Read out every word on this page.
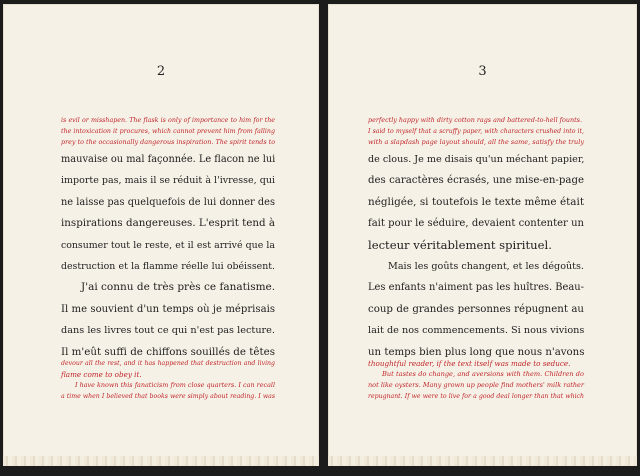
2
is evil or misshapen. The flask is only of importance to him for the
the intoxication it procures, which cannot prevent him from falling
prey to the occasionally dangerous inspiration. The spirit tends to
mauvaise ou mal façonnée. Le flacon ne lui
importe pas, mais il se réduit à l'ivresse, qui
ne laisse pas quelquefois de lui donner des
inspirations dangereuses. L'esprit tend à
consumer tout le reste, et il est arrivé que la
destruction et la flamme réelle lui obéissent.
J'ai connu de très près ce fanatisme.
Il me souvient d'un temps où je méprisais
dans les livres tout ce qui n'est pas lecture.
Il m'eût suffi de chiffons souillés de têtes
devour all the rest, and it has happened that destruction and living
flame come to obey it.
I have known this fanaticism from close quarters. I can recall
a time when I believed that books were simply about reading. I was
3
perfectly happy with dirty cotton rags and battered-to-hell founts.
I said to myself that a scruffy paper, with characters crushed into it,
with a slapdash page layout should, all the same, satisfy the truly
de clous. Je me disais qu'un méchant papier,
des caractères écrasés, une mise-en-page
négligée, si toutefois le texte même était
fait pour le séduire, devaient contenter un
lecteur véritablement spirituel.
Mais les goûts changent, et les dégoûts.
Les enfants n'aiment pas les huîtres. Beau-
coup de grandes personnes répugnent au
lait de nos commencements. Si nous vivions
un temps bien plus long que nous n'avons
thoughtful reader, if the text itself was made to seduce.
But tastes do change, and aversions with them. Children do
not like oysters. Many grown up people find mothers' milk rather
repugnant. If we were to live for a good deal longer than that which
